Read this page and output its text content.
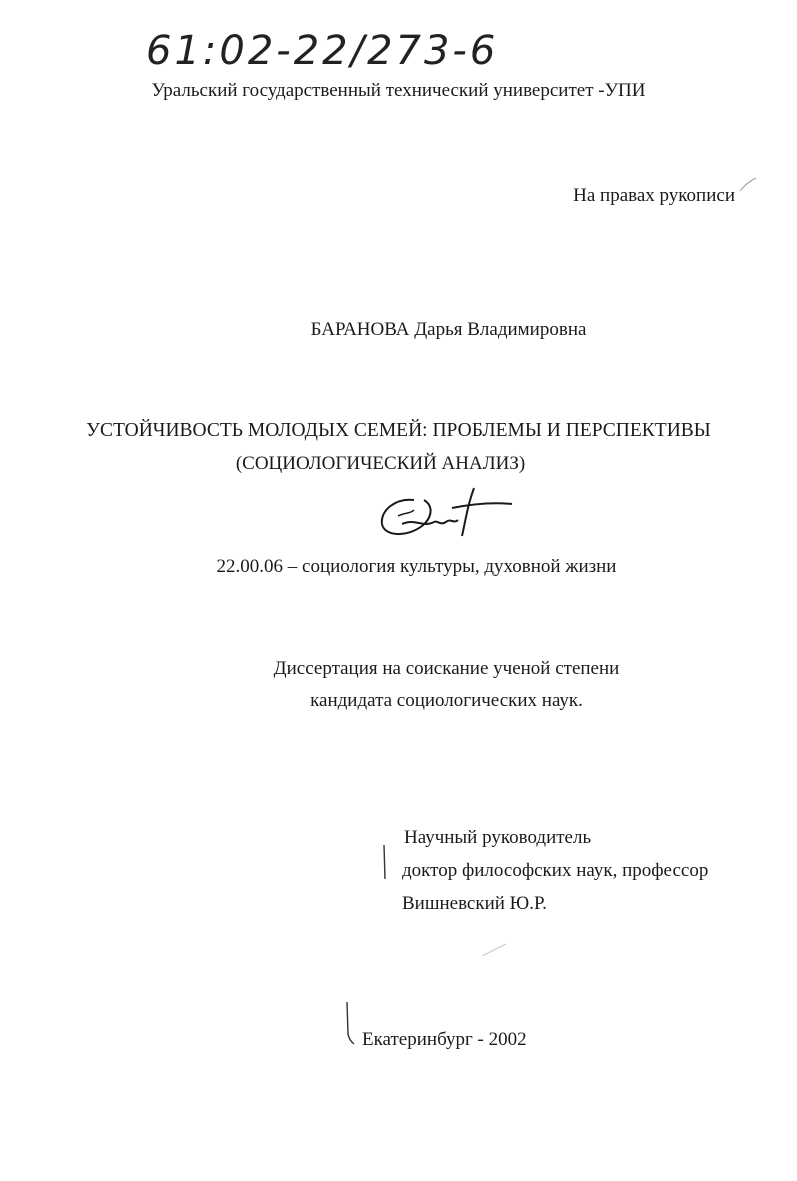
61:02-22/273-6
Уральский государственный технический университет -УПИ
На правах рукописи
БАРАНОВА Дарья Владимировна
УСТОЙЧИВОСТЬ МОЛОДЫХ СЕМЕЙ: ПРОБЛЕМЫ И ПЕРСПЕКТИВЫ
(СОЦИОЛОГИЧЕСКИЙ АНАЛИЗ)
22.00.06 – социология культуры, духовной жизни
Диссертация на соискание ученой степени
кандидата социологических наук.
Научный руководитель
доктор философских наук, профессор
Вишневский Ю.Р.
Екатеринбург - 2002
